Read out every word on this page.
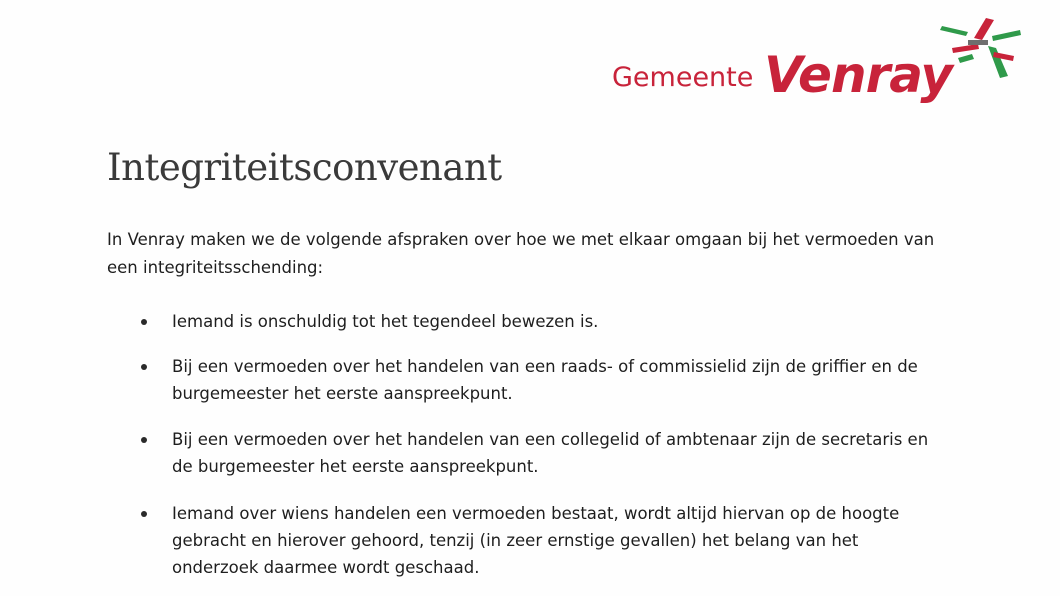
Gemeente Venray
Integriteitsconvenant

In Venray maken we de volgende afspraken over hoe we met elkaar omgaan bij het vermoeden van een integriteitsschending:

Iemand is onschuldig tot het tegendeel bewezen is.
Bij een vermoeden over het handelen van een raads- of commissielid zijn de griffier en de burgemeester het eerste aanspreekpunt.
Bij een vermoeden over het handelen van een collegelid of ambtenaar zijn de secretaris en de burgemeester het eerste aanspreekpunt.
Iemand over wiens handelen een vermoeden bestaat, wordt altijd hiervan op de hoogte gebracht en hierover gehoord, tenzij (in zeer ernstige gevallen) het belang van het onderzoek daarmee wordt geschaad.
